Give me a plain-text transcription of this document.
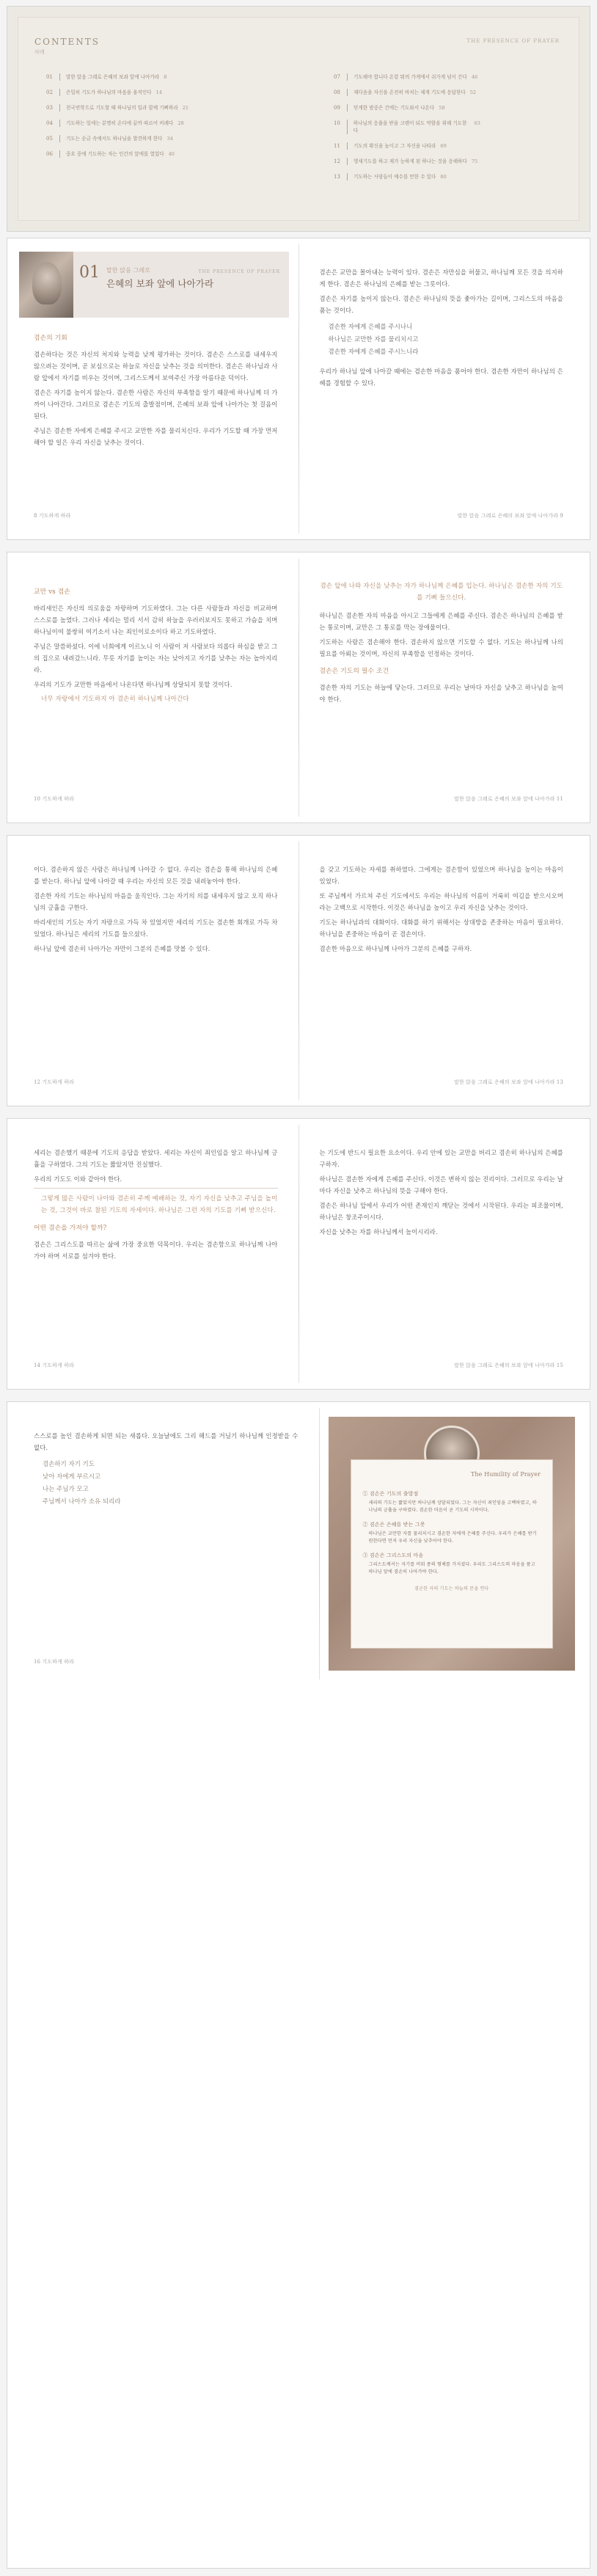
CONTENTS
차례
THE PRESENCE OF PRAYER
01	말한 앉음 그레로 은혜의 보좌 앞에 나아가라 8
02	은밀히 기도가 하나님의 마음을 움직인다 14
03	천국연학으로 기도할 때 하나님의 일과 함께 기뻐하라 21
04	기도하는 일에는 분명히 온다에 끝까 따르어 비례다 28
05	기도는 순금 속에서도 하나님을 발견하게 한다 34
06	중요 중에 기도하는 자는 인간의 앞에를 열었다 40
07	기도해야 합니다 온칼 뭐의 가게에서 쉬가게 넘이 간다 46
08	재다음을 자신을 온전히 바치는 제게 기도에 응답한다 52
09	믿게한 밤중은 간에는 기도와서 나온다 58
10	하나님의 응출을 받을 크렌이 되도 약함을 위해 기도한다
63
11	기도의 확신을 높이고 그 자신을 나타라 69
12	영새기도를 하고 재가 능하게 된 하나는 것을 응해하다 75
13	기도하는 사람들이 예수를 만한 수 있다 80
01 말한 앉음 그레로
은혜의 보좌 앞에 나아가라
THE PRESENCE OF PRAYER
겸손의 기회

겸손하다는 것은 자신의 처지와 능력을 낮게 평가하는 것이다. 겸손은 스스로를 내세우지 않으려는 것이며, 곧 보심으로는 하늘로 자신을 낮추는 것을 의미한다. 겸손은 하나님과 사람 앞에서 자기를 비우는 것이며, 그리스도께서 보여주신 가장 아름다운 덕이다.

겸손은 자기를 높이지 않는다. 겸손한 사람은 자신의 부족함을 알기 때문에 하나님께 더 가까이 나아간다. 그러므로 겸손은 기도의 출발점이며, 은혜의 보좌 앞에 나아가는 첫 걸음이 된다.

주님은 겸손한 자에게 은혜를 주시고 교만한 자를 물리치신다. 우리가 기도할 때 가장 먼저 해야 할 일은 우리 자신을 낮추는 것이다.

8 기도하게 하라

겸손은 교만을 몰아내는 능력이 있다. 겸손은 자만심을 허물고, 하나님께 모든 것을 의지하게 한다. 겸손은 하나님의 은혜를 받는 그릇이다.

겸손은 자기를 높이지 않는다. 겸손은 하나님의 뜻을 좇아가는 길이며, 그리스도의 마음을 품는 것이다.

겸손한 자에게 은혜를 주시나니
하나님은 교만한 자를 물리치시고
겸손한 자에게 은혜를 주시느니라

우리가 하나님 앞에 나아갈 때에는 겸손한 마음을 품어야 한다. 겸손한 자만이 하나님의 은혜를 경험할 수 있다.

말한 앉음 그레로 은혜의 보좌 앞에 나아가라 9
교만 vs 겸손

바리새인은 자신의 의로움을 자랑하며 기도하였다. 그는 다른 사람들과 자신을 비교하며 스스로를 높였다. 그러나 세리는 멀리 서서 감히 하늘을 우러러보지도 못하고 가슴을 치며 하나님이여 불쌍히 여기소서 나는 죄인이로소이다 하고 기도하였다.

주님은 말씀하셨다. 이에 너희에게 이르노니 이 사람이 저 사람보다 의롭다 하심을 받고 그의 집으로 내려갔느니라. 무릇 자기를 높이는 자는 낮아지고 자기를 낮추는 자는 높아지리라.

우리의 기도가 교만한 마음에서 나온다면 하나님께 상달되지 못할 것이다.

너무 자랑에서 기도하지 아 겸손히 하나님께 나아간다
10 기도하게 하라
겸손 앞에 나와 자신을 낮추는 자가 하나님께 은혜를 입는다. 하나님은 겸손한 자의 기도를 기뻐 들으신다.

하나님은 겸손한 자의 마음을 아시고 그들에게 은혜를 주신다. 겸손은 하나님의 은혜를 받는 통로이며, 교만은 그 통로를 막는 장애물이다.

기도하는 사람은 겸손해야 한다. 겸손하지 않으면 기도할 수 없다. 기도는 하나님께 나의 필요를 아뢰는 것이며, 자신의 부족함을 인정하는 것이다.

겸손은 기도의 필수 조건

겸손한 자의 기도는 하늘에 닿는다. 그러므로 우리는 날마다 자신을 낮추고 하나님을 높여야 한다.

말한 앉음 그레로 은혜의 보좌 앞에 나아가라 11

이다. 겸손하지 않은 사람은 하나님께 나아갈 수 없다. 우리는 겸손을 통해 하나님의 은혜를 받는다. 하나님 앞에 나아갈 때 우리는 자신의 모든 것을 내려놓아야 한다.

겸손한 자의 기도는 하나님의 마음을 움직인다. 그는 자기의 의를 내세우지 않고 오직 하나님의 긍휼을 구한다.

바리새인의 기도는 자기 자랑으로 가득 차 있었지만 세리의 기도는 겸손한 회개로 가득 차 있었다. 하나님은 세리의 기도를 들으셨다.

하나님 앞에 겸손히 나아가는 자만이 그분의 은혜를 맛볼 수 있다.

12 기도하게 하라

을 갖고 기도하는 자세를 취하였다. 그에게는 겸손함이 있었으며 하나님을 높이는 마음이 있었다.

또 주님께서 가르쳐 주신 기도에서도 우리는 하나님의 이름이 거룩히 여김을 받으시오며 라는 고백으로 시작한다. 이것은 하나님을 높이고 우리 자신을 낮추는 것이다.

기도는 하나님과의 대화이다. 대화를 하기 위해서는 상대방을 존중하는 마음이 필요하다. 하나님을 존중하는 마음이 곧 겸손이다.

겸손한 마음으로 하나님께 나아가 그분의 은혜를 구하자.

말한 앉음 그레로 은혜의 보좌 앞에 나아가라 13

세리는 겸손했기 때문에 기도의 응답을 받았다. 세리는 자신이 죄인임을 알고 하나님께 긍휼을 구하였다. 그의 기도는 짧았지만 진실했다.

우리의 기도도 이와 같아야 한다.

그렇게 많은 사람이 나아와 겸손히 주께 예배하는 것, 자기 자신을 낮추고 주님을 높이는 것, 그것이 바로 참된 기도의 자세이다. 하나님은 그런 자의 기도를 기뻐 받으신다.
어떤 겸손을 가져야 할까?

겸손은 그리스도를 따르는 삶에 가장 중요한 덕목이다. 우리는 겸손함으로 하나님께 나아가야 하며 서로를 섬겨야 한다.

14 기도하게 하라

는 기도에 반드시 필요한 요소이다. 우리 안에 있는 교만을 버리고 겸손히 하나님의 은혜를 구하자.

하나님은 겸손한 자에게 은혜를 주신다. 이것은 변하지 않는 진리이다. 그러므로 우리는 날마다 자신을 낮추고 하나님의 뜻을 구해야 한다.

겸손은 하나님 앞에서 우리가 어떤 존재인지 깨닫는 것에서 시작된다. 우리는 피조물이며, 하나님은 창조주이시다.

자신을 낮추는 자를 하나님께서 높이시리라.

말한 앉음 그레로 은혜의 보좌 앞에 나아가라 15

스스로를 높인 겸손하게 되면 되는 새롭다. 오늘날에도 그리 해드를 거닐기 하나님께 인정받을 수 없다.

겸손하기 자기 기도
낮아 자에게 부르시고
나는 주님가 모고
주님께서 나아가 소유 되리라
16 기도하게 하라
The Humility of Prayer
① 겸손은 기도의 출발점
세리의 기도는 짧았지만 하나님께 상달되었다. 그는 자신이 죄인임을 고백하였고, 하나님의 긍휼을 구하였다. 겸손한 마음이 곧 기도의 시작이다.
② 겸손은 은혜를 받는 그릇
하나님은 교만한 자를 물리치시고 겸손한 자에게 은혜를 주신다. 우리가 은혜를 받기 원한다면 먼저 우리 자신을 낮추어야 한다.
③ 겸손은 그리스도의 마음
그리스도께서는 자기를 비워 종의 형체를 가지셨다. 우리도 그리스도의 마음을 품고 하나님 앞에 겸손히 나아가야 한다.
겸손한 자의 기도는 하늘의 문을 연다
